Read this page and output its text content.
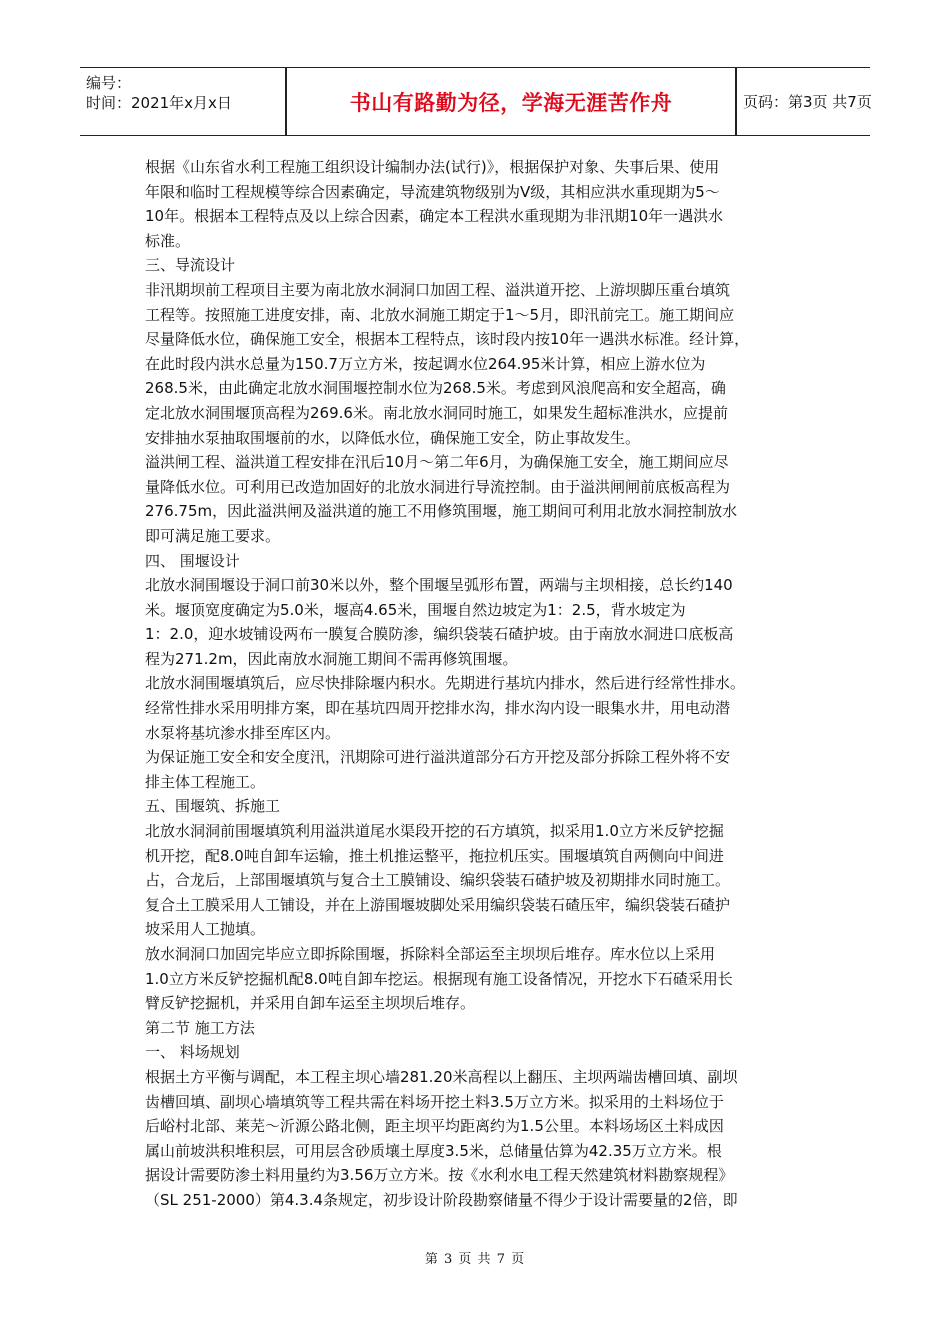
编号：
时间：2021年x月x日	书山有路勤为径，学海无涯苦作舟	页码：第3页 共7页
根据《山东省水利工程施工组织设计编制办法(试行)》，根据保护对象、失事后果、使用
年限和临时工程规模等综合因素确定，导流建筑物级别为Ⅴ级，其相应洪水重现期为5～
10年。根据本工程特点及以上综合因素，确定本工程洪水重现期为非汛期10年一遇洪水
标准。
三、导流设计
非汛期坝前工程项目主要为南北放水洞洞口加固工程、溢洪道开挖、上游坝脚压重台填筑
工程等。按照施工进度安排，南、北放水洞施工期定于1～5月，即汛前完工。施工期间应
尽量降低水位，确保施工安全，根据本工程特点，该时段内按10年一遇洪水标准。经计算，
在此时段内洪水总量为150.7万立方米，按起调水位264.95米计算，相应上游水位为
268.5米，由此确定北放水洞围堰控制水位为268.5米。考虑到风浪爬高和安全超高，确
定北放水洞围堰顶高程为269.6米。南北放水洞同时施工，如果发生超标准洪水，应提前
安排抽水泵抽取围堰前的水，以降低水位，确保施工安全，防止事故发生。
溢洪闸工程、溢洪道工程安排在汛后10月～第二年6月，为确保施工安全，施工期间应尽
量降低水位。可利用已改造加固好的北放水洞进行导流控制。由于溢洪闸闸前底板高程为
276.75m，因此溢洪闸及溢洪道的施工不用修筑围堰，施工期间可利用北放水洞控制放水
即可满足施工要求。
四、 围堰设计
北放水洞围堰设于洞口前30米以外，整个围堰呈弧形布置，两端与主坝相接，总长约140
米。堰顶宽度确定为5.0米，堰高4.65米，围堰自然边坡定为1：2.5，背水坡定为
1：2.0，迎水坡铺设两布一膜复合膜防渗，编织袋装石碴护坡。由于南放水洞进口底板高
程为271.2m，因此南放水洞施工期间不需再修筑围堰。
北放水洞围堰填筑后，应尽快排除堰内积水。先期进行基坑内排水，然后进行经常性排水。
经常性排水采用明排方案，即在基坑四周开挖排水沟，排水沟内设一眼集水井，用电动潜
水泵将基坑渗水排至库区内。
为保证施工安全和安全度汛，汛期除可进行溢洪道部分石方开挖及部分拆除工程外将不安
排主体工程施工。
五、围堰筑、拆施工
北放水洞洞前围堰填筑利用溢洪道尾水渠段开挖的石方填筑，拟采用1.0立方米反铲挖掘
机开挖，配8.0吨自卸车运输，推土机推运整平，拖拉机压实。围堰填筑自两侧向中间进
占，合龙后，上部围堰填筑与复合土工膜铺设、编织袋装石碴护坡及初期排水同时施工。
复合土工膜采用人工铺设，并在上游围堰坡脚处采用编织袋装石碴压牢，编织袋装石碴护
坡采用人工抛填。
放水洞洞口加固完毕应立即拆除围堰，拆除料全部运至主坝坝后堆存。库水位以上采用
1.0立方米反铲挖掘机配8.0吨自卸车挖运。根据现有施工设备情况，开挖水下石碴采用长
臂反铲挖掘机，并采用自卸车运至主坝坝后堆存。
第二节 施工方法
一、 料场规划
根据土方平衡与调配，本工程主坝心墙281.20米高程以上翻压、主坝两端齿槽回填、副坝
齿槽回填、副坝心墙填筑等工程共需在料场开挖土料3.5万立方米。拟采用的土料场位于
后峪村北部、莱芜～沂源公路北侧，距主坝平均距离约为1.5公里。本料场场区土料成因
属山前坡洪积堆积层，可用层含砂质壤土厚度3.5米，总储量估算为42.35万立方米。根
据设计需要防渗土料用量约为3.56万立方米。按《水利水电工程天然建筑材料勘察规程》
（SL 251-2000）第4.3.4条规定，初步设计阶段勘察储量不得少于设计需要量的2倍，即
第 3 页 共 7 页
